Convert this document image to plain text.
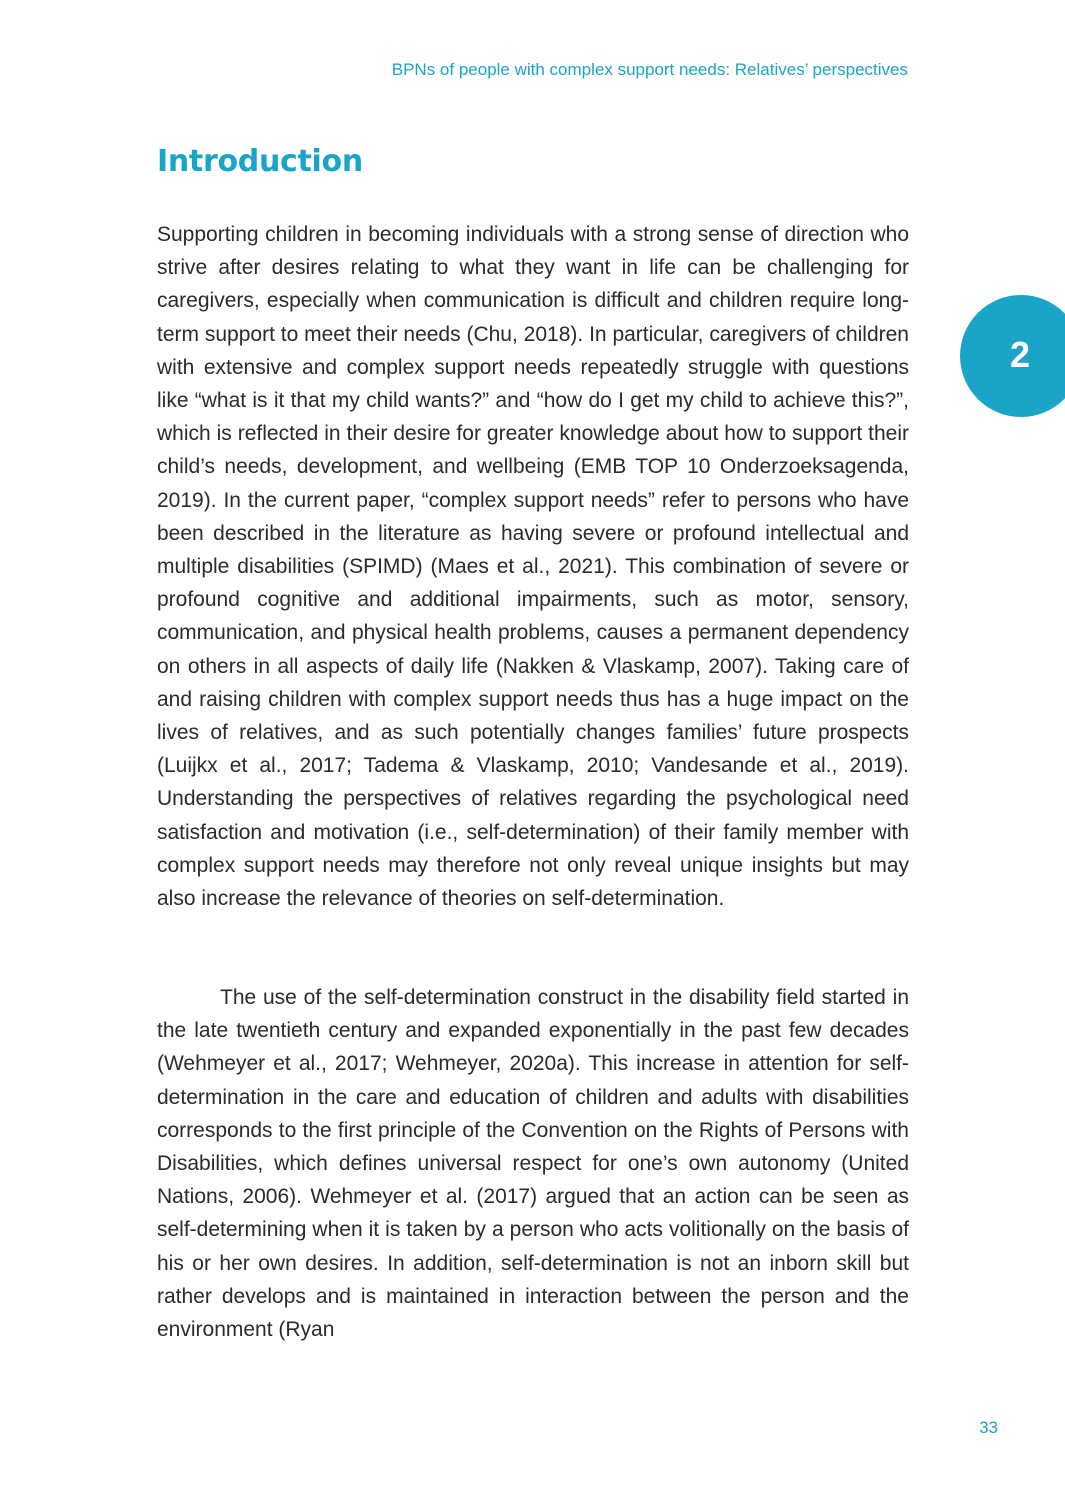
BPNs of people with complex support needs: Relatives’ perspectives
Introduction

Supporting children in becoming individuals with a strong sense of direction who strive after desires relating to what they want in life can be challenging for caregivers, especially when communication is difficult and children require long-term support to meet their needs (Chu, 2018). In particular, caregivers of children with extensive and complex support needs repeatedly struggle with questions like “what is it that my child wants?” and “how do I get my child to achieve this?”, which is reflected in their desire for greater knowledge about how to support their child’s needs, development, and wellbeing (EMB TOP 10 Onderzoeksagenda, 2019). In the current paper, “complex support needs” refer to persons who have been described in the literature as having severe or profound intellectual and multiple disabilities (SPIMD) (Maes et al., 2021). This combination of severe or profound cognitive and additional impairments, such as motor, sensory, communication, and physical health problems, causes a permanent dependency on others in all aspects of daily life (Nakken & Vlaskamp, 2007). Taking care of and raising children with complex support needs thus has a huge impact on the lives of relatives, and as such potentially changes families’ future prospects (Luijkx et al., 2017; Tadema & Vlaskamp, 2010; Vandesande et al., 2019). Understanding the perspectives of relatives regarding the psychological need satisfaction and motivation (i.e., self-determination) of their family member with complex support needs may therefore not only reveal unique insights but may also increase the relevance of theories on self-determination.

The use of the self-determination construct in the disability field started in the late twentieth century and expanded exponentially in the past few decades (Wehmeyer et al., 2017; Wehmeyer, 2020a). This increase in attention for self-determination in the care and education of children and adults with disabilities corresponds to the first principle of the Convention on the Rights of Persons with Disabilities, which defines universal respect for one’s own autonomy (United Nations, 2006). Wehmeyer et al. (2017) argued that an action can be seen as self-determining when it is taken by a person who acts volitionally on the basis of his or her own desires. In addition, self-determination is not an inborn skill but rather develops and is maintained in interaction between the person and the environment (Ryan

2
33
